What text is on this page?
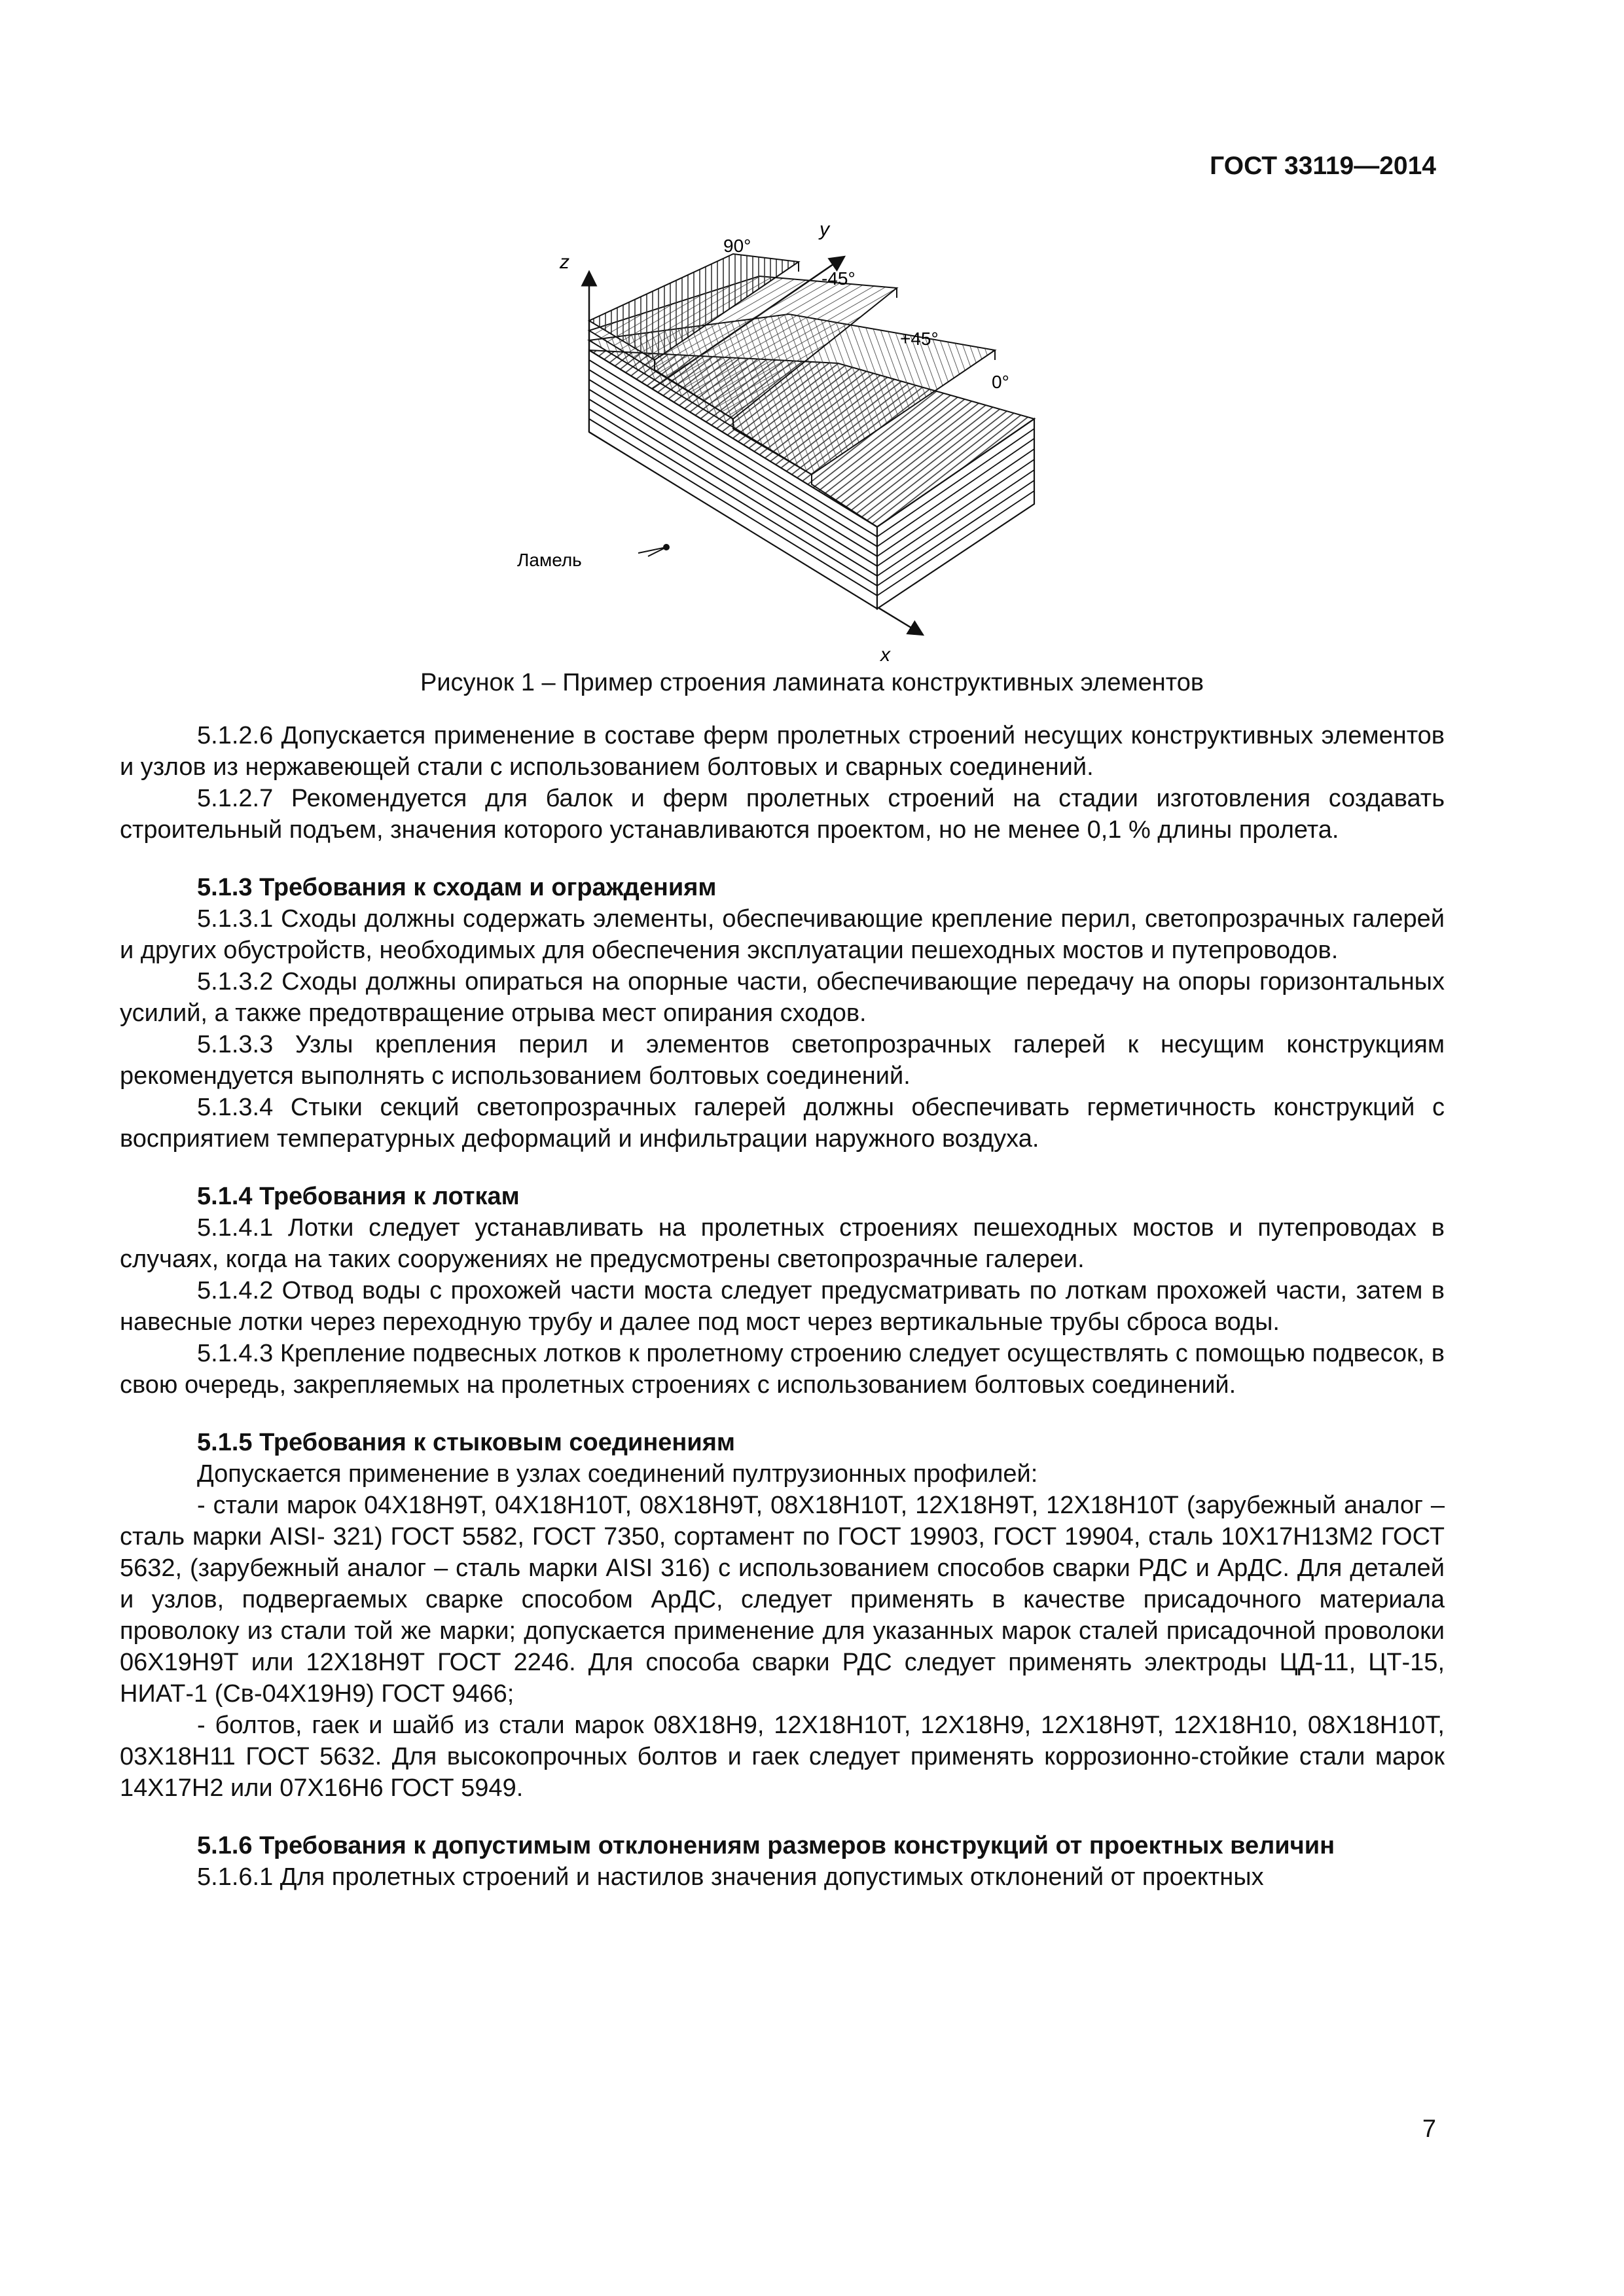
ГОСТ 33119—2014
z
y
x
90°
-45°
+45°
0°
Ламель
Рисунок 1 – Пример строения ламината конструктивных элементов
5.1.2.6 Допускается применение в составе ферм пролетных строений несущих конструктивных элементов и узлов из нержавеющей стали с использованием болтовых и сварных соединений.
5.1.2.7 Рекомендуется для балок и ферм пролетных строений на стадии изготовления создавать строительный подъем, значения которого устанавливаются проектом, но не менее 0,1 % длины пролета.
5.1.3 Требования к сходам и ограждениям
5.1.3.1 Сходы должны содержать элементы, обеспечивающие крепление перил, светопрозрачных галерей и других обустройств, необходимых для обеспечения эксплуатации пешеходных мостов и путепроводов.
5.1.3.2 Сходы должны опираться на опорные части, обеспечивающие передачу на опоры горизонтальных усилий, а также предотвращение отрыва мест опирания сходов.
5.1.3.3 Узлы крепления перил и элементов светопрозрачных галерей к несущим конструкциям рекомендуется выполнять с использованием болтовых соединений.
5.1.3.4 Стыки секций светопрозрачных галерей должны обеспечивать герметичность конструкций с восприятием температурных деформаций и инфильтрации наружного воздуха.
5.1.4 Требования к лоткам
5.1.4.1 Лотки следует устанавливать на пролетных строениях пешеходных мостов и путепроводах в случаях, когда на таких сооружениях не предусмотрены светопрозрачные галереи.
5.1.4.2 Отвод воды с прохожей части моста следует предусматривать по лоткам прохожей части, затем в навесные лотки через переходную трубу и далее под мост через вертикальные трубы сброса воды.
5.1.4.3 Крепление подвесных лотков к пролетному строению следует осуществлять с помощью подвесок, в свою очередь, закрепляемых на пролетных строениях с использованием болтовых соединений.
5.1.5 Требования к стыковым соединениям
Допускается применение в узлах соединений пултрузионных профилей:
- стали марок 04Х18Н9Т, 04Х18Н10Т, 08Х18Н9Т, 08Х18Н10Т, 12Х18Н9Т, 12Х18Н10Т (зарубежный аналог – сталь марки AISI- 321) ГОСТ 5582, ГОСТ 7350, сортамент по ГОСТ 19903, ГОСТ 19904, сталь 10Х17Н13М2 ГОСТ 5632, (зарубежный аналог – сталь марки AISI 316) с использованием способов сварки РДС и АрДС. Для деталей и узлов, подвергаемых сварке способом АрДС, следует применять в качестве присадочного материала проволоку из стали той же марки; допускается применение для указанных марок сталей присадочной проволоки 06Х19Н9Т или 12Х18Н9Т ГОСТ 2246. Для способа сварки РДС следует применять электроды ЦД-11, ЦТ-15, НИАТ-1 (Св-04Х19Н9) ГОСТ 9466;
- болтов, гаек и шайб из стали марок 08Х18Н9, 12Х18Н10Т, 12Х18Н9, 12Х18Н9Т, 12Х18Н10, 08Х18Н10Т, 03Х18Н11 ГОСТ 5632. Для высокопрочных болтов и гаек следует применять коррозионно-стойкие стали марок 14Х17Н2 или 07Х16Н6 ГОСТ 5949.
5.1.6 Требования к допустимым отклонениям размеров конструкций от проектных величин
5.1.6.1 Для пролетных строений и настилов значения допустимых отклонений от проектных
7
